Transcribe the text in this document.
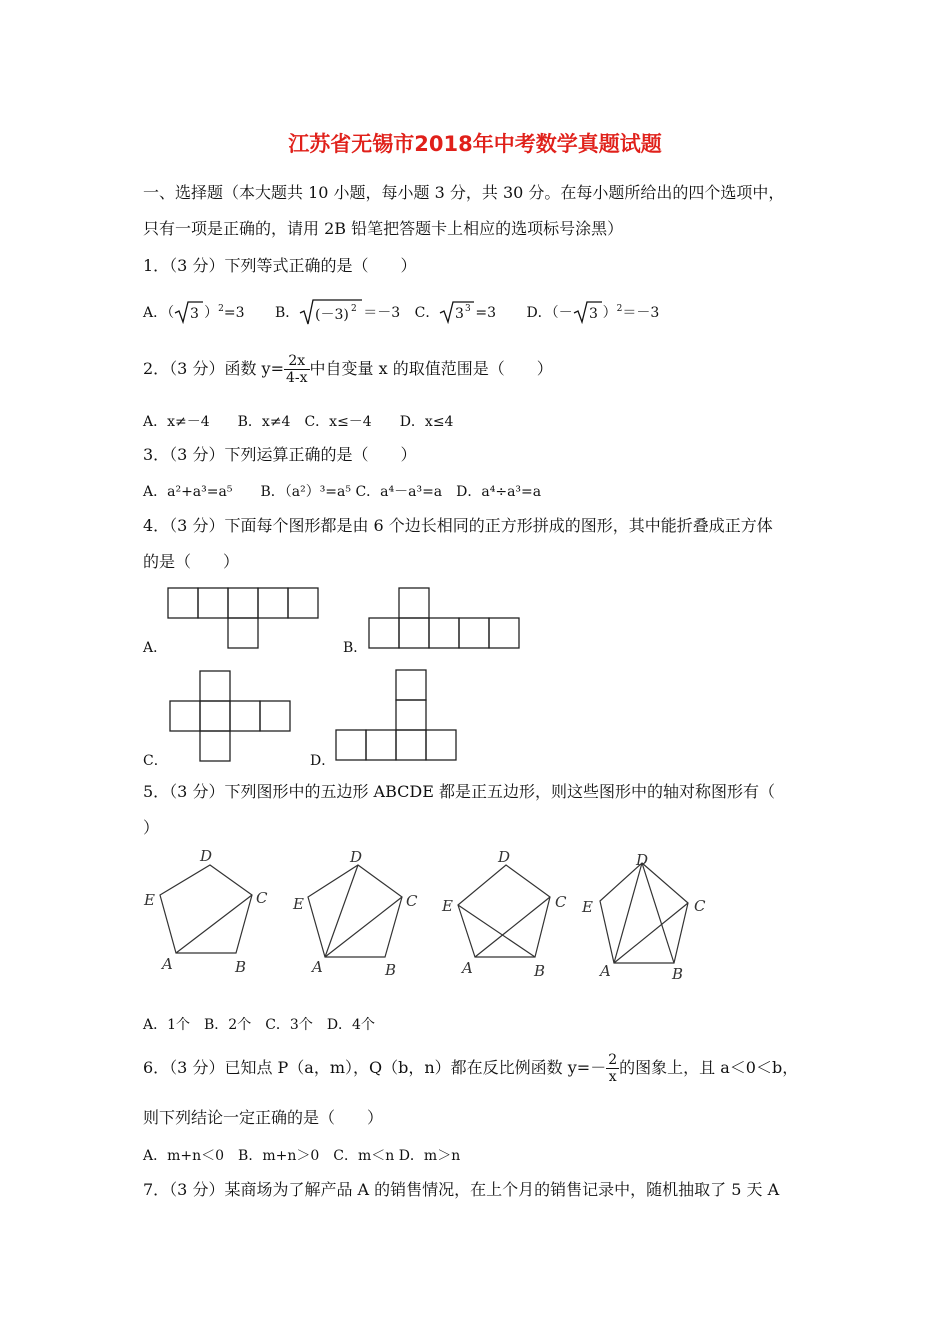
江苏省无锡市2018年中考数学真题试题
一、选择题（本大题共 10 小题，每小题 3 分，共 30 分。在每小题所给出的四个选项中，
只有一项是正确的，请用 2B 铅笔把答题卡上相应的选项标号涂黑）
1．（3 分）下列等式正确的是（　　）
A．（ 3 ）$^2$=3 B． (－3) 2 ＝－3 C． 3 3 =3 D．（－ 3 ）$^2$＝－3
2．（3 分）函数 $y= \frac{2x}{4-x}$ 中自变量 x 的取值范围是（　　）
A．x≠－4　　B．x≠4　C．x≤－4　　D．x≤4
3．（3 分）下列运算正确的是（　　）
A．a²+a³=a⁵　　B．（a²）³=a⁵ C．a⁴－a³=a　D．a⁴÷a³=a
4．（3 分）下面每个图形都是由 6 个边长相同的正方形拼成的图形，其中能折叠成正方体
的是（　　）
A．	B．
C．	D．
5．（3 分）下列图形中的五边形 ABCDE 都是正五边形，则这些图形中的轴对称图形有（
）
D
C
E
A	B
D
C
E
A	B
D
C
E
A	B
D
C
E
A	B
A．1个　B．2个　C．3个　D．4个
6．（3 分）已知点 P（a，m），Q（b，n）都在反比例函数 $y=- \frac{2}{x}$ 的图象上，且 a＜0＜b，
则下列结论一定正确的是（　　）
A．m+n＜0　B．m+n＞0　C．m＜n D．m＞n
7．（3 分）某商场为了解产品 A 的销售情况，在上个月的销售记录中，随机抽取了 5 天 A
